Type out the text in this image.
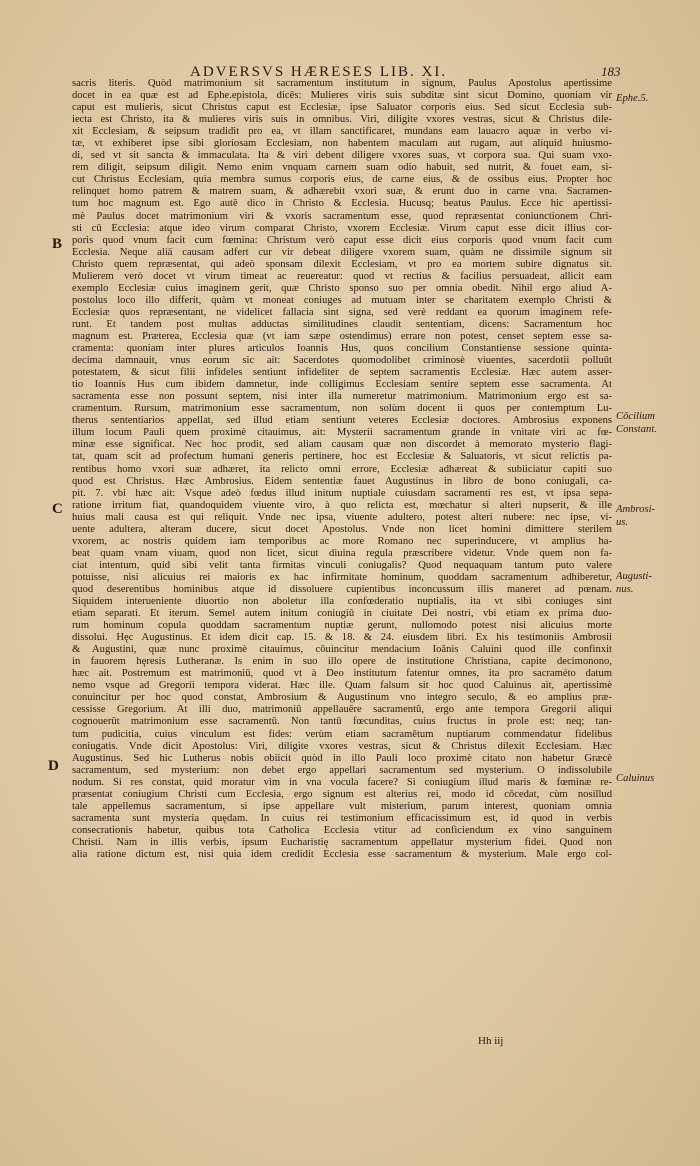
ADVERSVS HÆRESES LIB. XI.	183
sacris literis. Quòd matrimonium sit sacramentum institutum in signum, Paulus Apostolus apertissime
docet in ea quæ est ad Ephe.epistola, dicēs: Mulieres viris suis subditæ sint sicut Domino, quoniam vir
caput est mulieris, sicut Christus caput est Ecclesiæ, ipse Saluator corporis eius. Sed sicut Ecclesia sub-
iecta est Christo, ita & mulieres viris suis in omnibus. Viri, diligite vxores vestras, sicut & Christus dile-
xit Ecclesiam, & seipsum tradidit pro ea, vt illam sanctificaret, mundans eam lauacro aquæ in verbo vi-
tæ, vt exhiberet ipse sibi gloriosam Ecclesiam, non habentem maculam aut rugam, aut aliquid huiusmo-
di, sed vt sit sancta & immaculata. Ita & viri debent diligere vxores suas, vt corpora sua. Qui suam vxo-
rem diligit, seipsum diligit. Nemo enim vnquam carnem suam odio habuit, sed nutrit, & fouet eam, si-
cut Christus Ecclesiam, quia membra sumus corporis eius, de carne eius, & de ossibus eius. Propter hoc
relinquet homo patrem & matrem suam, & adhærebit vxori suæ, & erunt duo in carne vna. Sacramen-
tum hoc magnum est. Ego autē dico in Christo & Ecclesia. Hucusq; beatus Paulus. Ecce hic apertissi-
mè Paulus docet matrimonium viri & vxoris sacramentum esse, quod repræsentat coniunctionem Chri-
sti cū Ecclesia: atque ideo virum comparat Christo, vxorem Ecclesiæ. Virum caput esse dicit illius cor-
poris quod vnum facit cum fœmina: Christum verò caput esse dicit eius corporis quod vnum facit cum
Ecclesia. Neque aliā causam adfert cur vir debeat diligere vxorem suam, quàm ne dissimile signum sit
Christo quem repræsentat, qui adeò sponsam dilexit Ecclesiam, vt pro ea mortem subire dignatus sit.
Mulierem verò docet vt virum timeat ac reuereatur: quod vt rectius & facilius persuadeat, allicit eam
exemplo Ecclesiæ cuius imaginem gerit, quæ Christo sponso suo per omnia obedit. Nihil ergo aliud A-
postolus loco illo differit, quàm vt moneat coniuges ad mutuam inter se charitatem exemplo Christi &
Ecclesiæ quos repræsentant, ne videlicet fallacia sint signa, sed verè reddant ea quorum imaginem refe-
runt. Et tandem post multas adductas similitudines claudit sententiam, dicens: Sacramentum hoc
magnum est. Præterea, Ecclesia quæ (vt iam sæpe ostendimus) errare non potest, censet septem esse sa-
cramenta: quoniam inter plures articulos Ioannis Hus, quos concilium Constantiense sessione quinta-
decima damnauit, vnus eorum sic ait: Sacerdotes quomodolibet criminosè viuentes, sacerdotii polluūt
potestatem, & sicut filii infideles sentiunt infideliter de septem sacramentis Ecclesiæ. Hæc autem asser-
tio Ioannis Hus cum ibidem damnetur, inde colligimus Ecclesiam sentire septem esse sacramenta. At
sacramenta esse non possunt septem, nisi inter illa numeretur matrimonium. Matrimonium ergo est sa-
cramentum. Rursum, matrimonium esse sacramentum, non solùm docent ii quos per contemptum Lu-
therus sententiarios appellat, sed illud etiam sentiunt veteres Ecclesiæ doctores. Ambrosius exponens
illum locum Pauli quem proximè citauimus, ait: Mysterii sacramentum grande in vnitate viri ac fœ-
minæ esse significat. Nec hoc prodit, sed aliam causam quæ non discordet à memorato mysterio flagi-
tat, quam scit ad profectum humani generis pertinere, hoc est Ecclesiæ & Saluatoris, vt sicut relictis pa-
rentibus homo vxori suæ adhæret, ita relicto omni errore, Ecclesiæ adhæreat & subiiciatur capiti suo
quod est Christus. Hæc Ambrosius. Eidem sententiæ fauet Augustinus in libro de bono coniugali, ca-
pit. 7. vbi hæc ait: Vsque adeò fœdus illud initum nuptiale cuiusdam sacramenti res est, vt ipsa sepa-
ratione irritum fiat, quandoquidem viuente viro, à quo relicta est, mœchatur si alteri nupserit, & ille
huius mali causa est qui reliquit. Vnde nec ipsa, viuente adultero, potest alteri nubere: nec ipse, vi-
uente adultera, alteram ducere, sicut docet Apostolus. Vnde non licet homini dimittere sterilem
vxorem, ac nostris quidem iam temporibus ac more Romano nec superinducere, vt amplius ha-
beat quam vnam viuam, quod non licet, sicut diuina regula præscribere videtur. Vnde quem non fa-
ciat intentum, quid sibi velit tanta firmitas vinculi coniugalis? Quod nequaquam tantum puto valere
potuisse, nisi alicuius rei maioris ex hac infirmitate hominum, quoddam sacramentum adhiberetur,
quod deserentibus hominibus atque id dissoluere cupientibus inconcussum illis maneret ad pœnam.
Siquidem interueniente diuortio non aboletur illa confœderatio nuptialis, ita vt sibi coniuges sint
etiam separati. Et iterum. Semel autem initum coniugiū in ciuitate Dei nostri, vbi etiam ex prima duo-
rum hominum copula quoddam sacramentum nuptiæ gerunt, nullomodo potest nisi alicuius morte
dissolui. Hęc Augustinus. Et idem dicit cap. 15. & 18. & 24. eiusdem libri. Ex his testimoniis Ambrosii
& Augustini, quæ nunc proximè citauimus, cōuincitur mendacium Ioānis Caluini quod ille confinxit
in fauorem hęresis Lutheranæ. Is enim in suo illo opere de institutione Christiana, capite decimonono,
hæc ait. Postremum est matrimoniū, quod vt à Deo institutum fatentur omnes, ita pro sacraméto datum
nemo vsque ad Gregorii tempora viderat. Hæc ille. Quam falsum sit hoc quod Caluinus ait, apertissimè
conuincitur per hoc quod constat, Ambrosium & Augustinum vno integro seculo, & eo amplius præ-
cessisse Gregorium. At illi duo, matrimoniū appellauēre sacramentū, ergo ante tempora Gregorii aliqui
cognouerūt matrimonium esse sacramentū. Non tantū fœcunditas, cuius fructus in prole est: neq; tan-
tum pudicitia, cuius vinculum est fides: verùm etiam sacramētum nuptiarum commendatur fidelibus
coniugatis. Vnde dicit Apostolus: Viri, diligite vxores vestras, sicut & Christus dilexit Ecclesiam. Hæc
Augustinus. Sed hic Lutherus nobis obiicit quòd in illo Pauli loco proximè citato non habetur Græcè
sacramentum, sed mysterium: non debet ergo appellari sacramentum sed mysterium. O indissolubile
nodum. Si res constat, quid moratur vim in vna vocula facere? Si coniugium illud maris & fœminæ re-
præsentat coniugium Christi cum Ecclesia, ergo signum est alterius rei, modo id cōcedat, cùm nosillud
tale appellemus sacramentum, si ipse appellare vult misterium, parum interest, quoniam omnia
sacramenta sunt mysteria quędam. In cuius rei testimonium efficacissimum est, id quod in verbis
consecrationis habetur, quibus tota Catholica Ecclesia vtitur ad conficiendum ex vino sanguinem
Christi. Nam in illis verbis, ipsum Eucharistię sacramentum appellatur mysterium fidei. Quod non
alia ratione dictum est, nisi quia idem credidit Ecclesia esse sacramentum & mysterium. Male ergo col-
B
C
D
Ephe.5.
Cōcilium
Constant.
Ambrosi-
us.
Augusti-
nus.
Caluinus
Hh iij
